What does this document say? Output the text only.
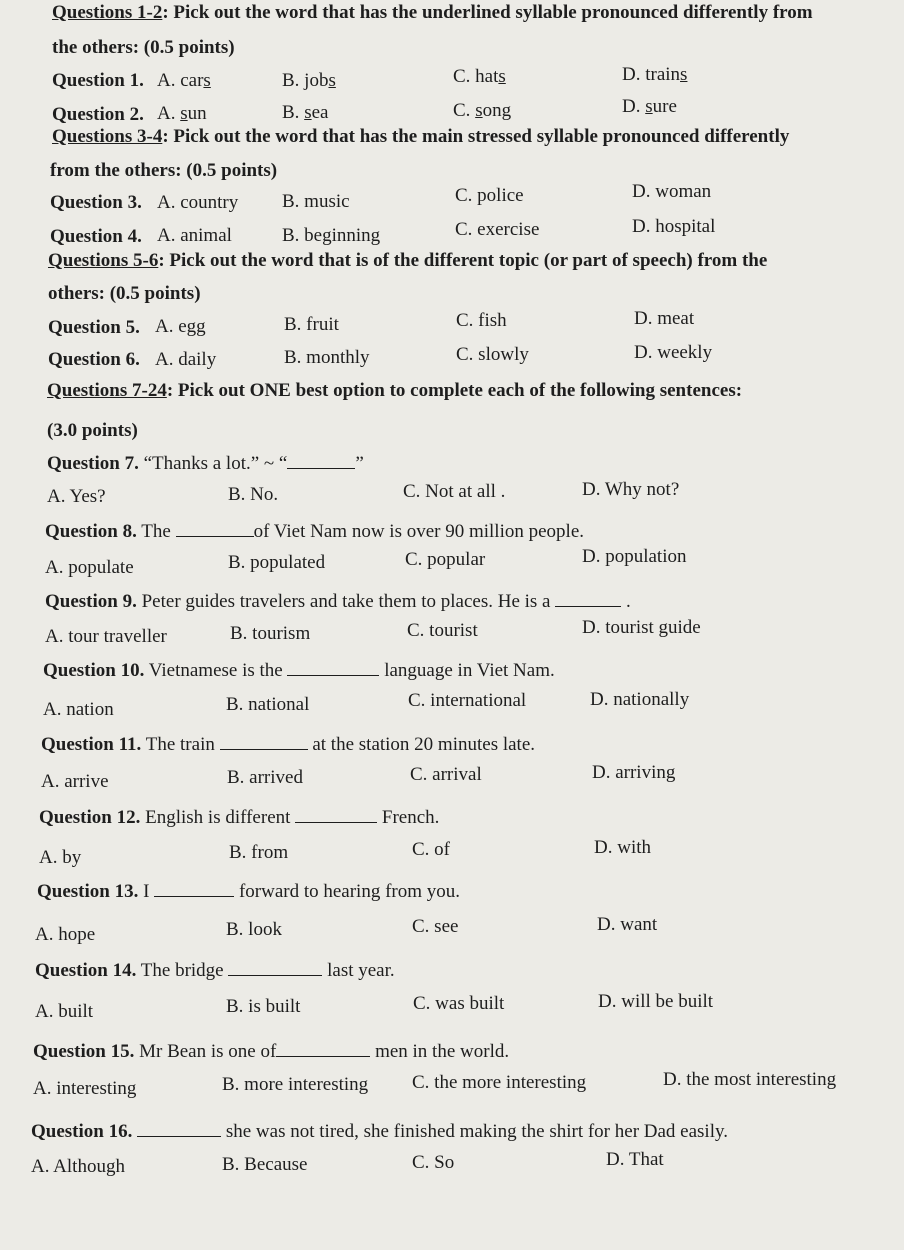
Questions 1-2: Pick out the word that has the underlined syllable pronounced differently from
the others: (0.5 points)
Question 1. A. cars	B. jobs	C. hats	D. trains
Question 2. A. sun	B. sea	C. song	D. sure
Questions 3-4: Pick out the word that has the main stressed syllable pronounced differently
from the others: (0.5 points)
Question 3. A. country B. music	C. police	D. woman
Question 4. A. animal	B. beginning	C. exercise	D. hospital
Questions 5-6: Pick out the word that is of the different topic (or part of speech) from the
others: (0.5 points)
Question 5. A. egg	B. fruit	C. fish	D. meat
Question 6. A. daily	B. monthly	C. slowly	D. weekly
Questions 7-24: Pick out ONE best option to complete each of the following sentences:
(3.0 points)
Question 7. “Thanks a lot.” ~ “	”
A. Yes?	B. No.	C. Not at all .	D. Why not?
Question 8. The	of Viet Nam now is over 90 million people.
A. populate	B. populated	C. popular	D. population
Question 9. Peter guides travelers and take them to places. He is a	.
A. tour traveller	B. tourism	C. tourist	D. tourist guide
Question 10. Vietnamese is the	language in Viet Nam.
A. nation	B. national	C. international	D. nationally
Question 11. The train	at the station 20 minutes late.
A. arrive	B. arrived	C. arrival	D. arriving
Question 12. English is different	French.
A. by	B. from	C. of	D. with
Question 13. I	forward to hearing from you.
A. hope	B. look	C. see	D. want
Question 14. The bridge	last year.
A. built	B. is built	C. was built	D. will be built
Question 15. Mr Bean is one of	men in the world.
A. interesting	B. more interesting C. the more interesting	D. the most interesting
Question 16.	she was not tired, she finished making the shirt for her Dad easily.
A. Although	B. Because	C. So	D. That
